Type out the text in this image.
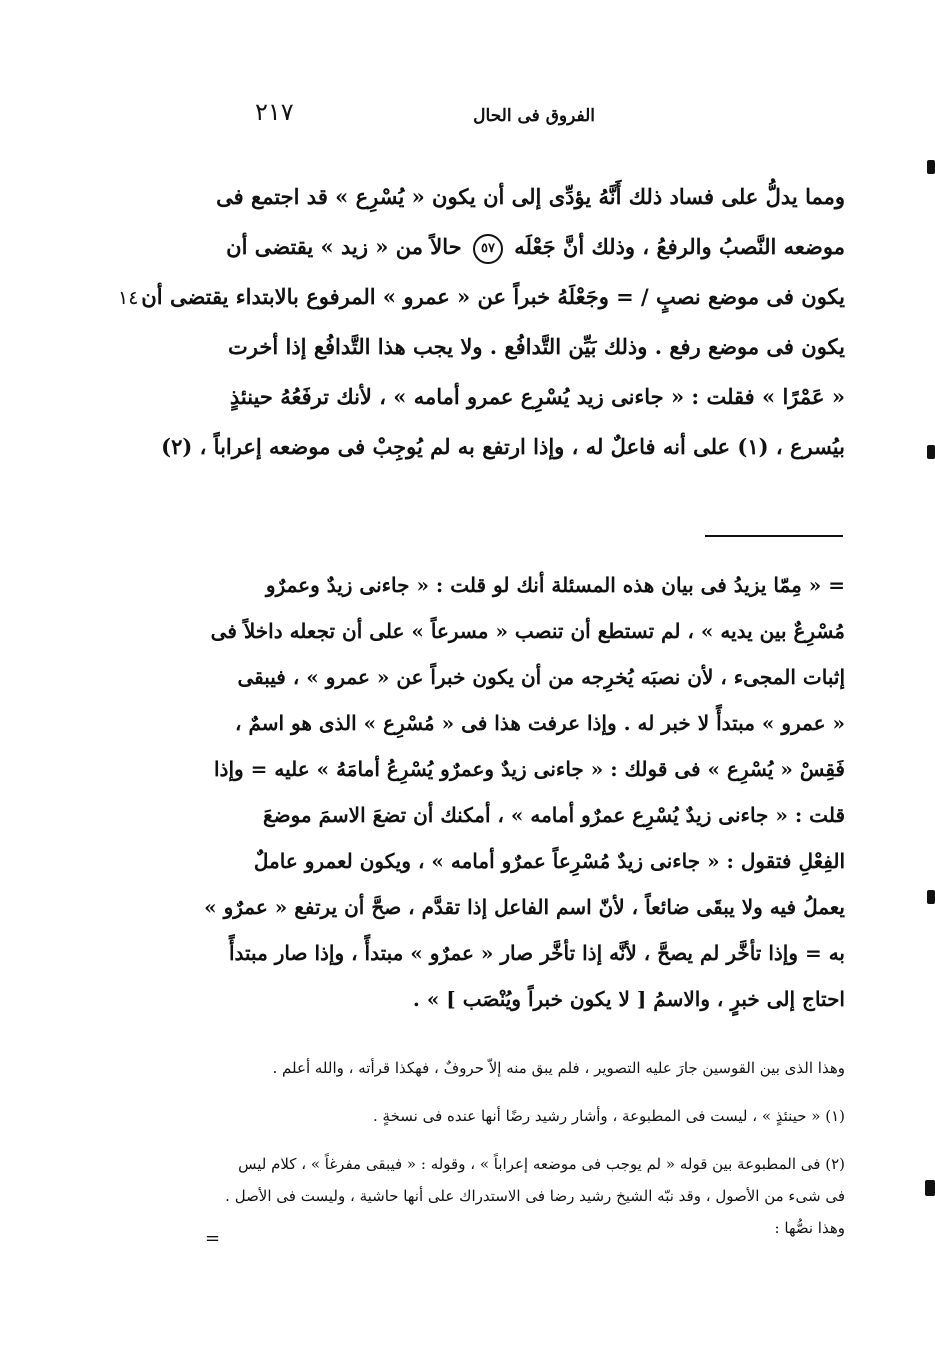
٢١٧	الفروق فى الحال
١٤٠
ومما يدلُّ على فساد ذلك أَنَّهُ يؤدِّى إلى أن يكون « يُسْرِع » قد اجتمع فى
موضعه النَّصبُ والرفعُ ، وذلك أنَّ جَعْلَه ٥٧ حالاً من « زيد » يقتضى أن
يكون فى موضع نصبٍ / = وجَعْلَهُ خبراً عن « عمرو » المرفوع بالابتداء يقتضى أن
يكون فى موضع رفع . وذلك بَيِّن التَّدافُع . ولا يجب هذا التَّدافُع إذا أخرت
« عَمْرًا » فقلت : « جاءنى زيد يُسْرِع عمرو أمامه » ، لأنك ترفَعُهُ حينئذٍ
بيُسرع ، (١) على أنه فاعلٌ له ، وإذا ارتفع به لم يُوجِبْ فى موضعه إعراباً ، (٢)
= « مِمّا يزيدُ فى بيان هذه المسئلة أنك لو قلت : « جاءنى زيدٌ وعمرٌو
مُسْرِعٌ بين يديه » ، لم تستطع أن تنصب « مسرعاً » على أن تجعله داخلاً فى
إثبات المجىء ، لأن نصبَه يُخرِجه من أن يكون خبراً عن « عمرو » ، فيبقى
« عمرو » مبتدأً لا خبر له . وإذا عرفت هذا فى « مُسْرِع » الذى هو اسمٌ ،
فَقِسْ « يُسْرِع » فى قولك : « جاءنى زيدٌ وعمرٌو يُسْرِعُ أمامَهُ » عليه = وإذا
قلت : « جاءنى زيدٌ يُسْرِع عمرٌو أمامه » ، أمكنك أن تضعَ الاسمَ موضعَ
الفِعْلِ فتقول : « جاءنى زيدٌ مُسْرِعاً عمرٌو أمامه » ، ويكون لعمرو عاملٌ
يعملُ فيه ولا يبقَى ضائعاً ، لأنّ اسم الفاعل إذا تقدَّم ، صحَّ أن يرتفع « عمرٌو »
به = وإذا تأخَّر لم يصحَّ ، لأنَّه إذا تأخَّر صار « عمرٌو » مبتدأً ، وإذا صار مبتدأً
احتاج إلى خبرٍ ، والاسمُ [ لا يكون خبراً ويُنْصَب ] » .
وهذا الذى بين القوسين جارَ عليه التصوير ، فلم يبق منه إلاّ حروفٌ ، فهكذا قرأته ، والله أعلم .
(١) « حينئذٍ » ، ليست فى المطبوعة ، وأشار رشيد رضًا أنها عنده فى نسخةٍ .
(٢) فى المطبوعة بين قوله « لم يوجب فى موضعه إعراباً » ، وقوله : « فيبقى مفرغاً » ، كلام ليس
فى شىء من الأصول ، وقد نبّه الشيخ رشيد رضا فى الاستدراك على أنها حاشية ، وليست فى الأصل .
وهذا نصُّها :
=
